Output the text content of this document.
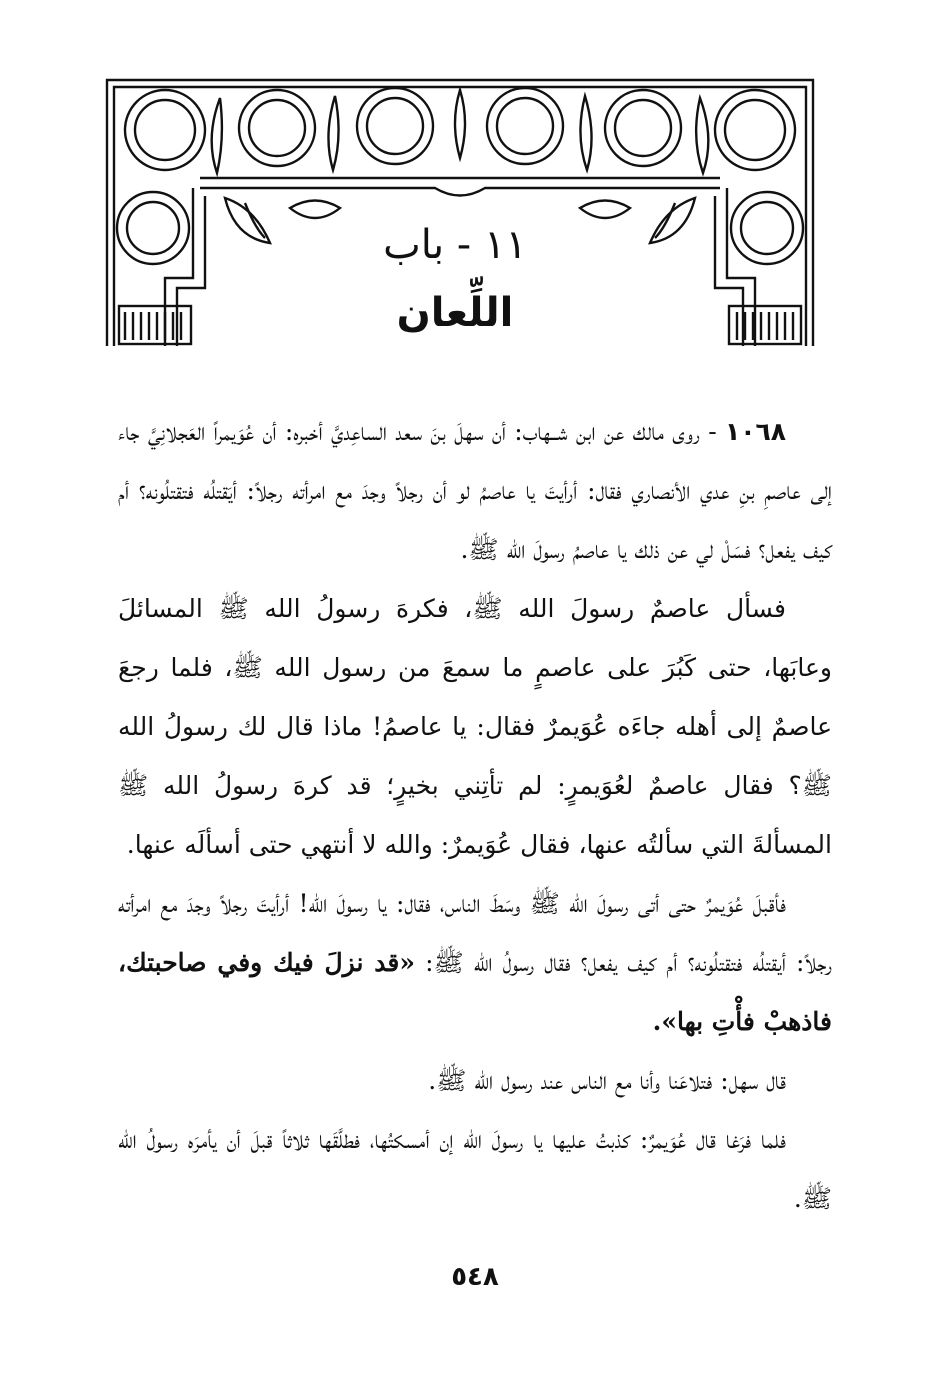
١١ - باب
اللِّعان

١٠٦٨ - روى مالك عن ابن شــهاب: أن سهلَ بنَ سعد الساعِديَّ أخبره: أن عُوَيمراً العَجلانِيَّ جاء إلى عاصمِ بنِ عدي الأنصاري فقال: أرأيتَ يا عاصمُ لو أن رجلاً وجدَ مع امرأته رجلاً: أيَقتلُه فتقتلُونه؟ أم كيف يفعل؟ فسَلْ لي عن ذلك يا عاصمُ رسولَ الله ﷺ.

فسأل عاصمٌ رسولَ الله ﷺ، فكرهَ رسولُ الله ﷺ المسائلَ وعابَها، حتى كَبُرَ على عاصمٍ ما سمعَ من رسول الله ﷺ، فلما رجعَ عاصمٌ إلى أهله جاءَه عُوَيمرٌ فقال: يا عاصمُ! ماذا قال لك رسولُ الله ﷺ؟ فقال عاصمٌ لعُوَيمرٍ: لم تأتِني بخيرٍ؛ قد كرهَ رسولُ الله ﷺ المسألةَ التي سألتُه عنها، فقال عُوَيمرٌ: والله لا أنتهي حتى أسألَه عنها.

فأقبلَ عُوَيمرٌ حتى أتى رسولَ الله ﷺ وسَطَ الناس، فقال: يا رسولَ الله! أرأيتَ رجلاً وجدَ مع امرأته رجلاً: أيقتلُه فتقتلُونه؟ أم كيف يفعل؟ فقال رسولُ الله ﷺ: «قد نزلَ فيك وفي صاحبتك، فاذهبْ فأْتِ بها».

قال سهل: فتلاعَنا وأنا مع الناس عند رسول الله ﷺ.

فلما فرَغا قال عُوَيمرٌ: كذبتُ عليها يا رسولَ الله إن أمسكتُها، فطلَّقَها ثلاثاً قبلَ أن يأمرَه رسولُ الله ﷺ.

٥٤٨
